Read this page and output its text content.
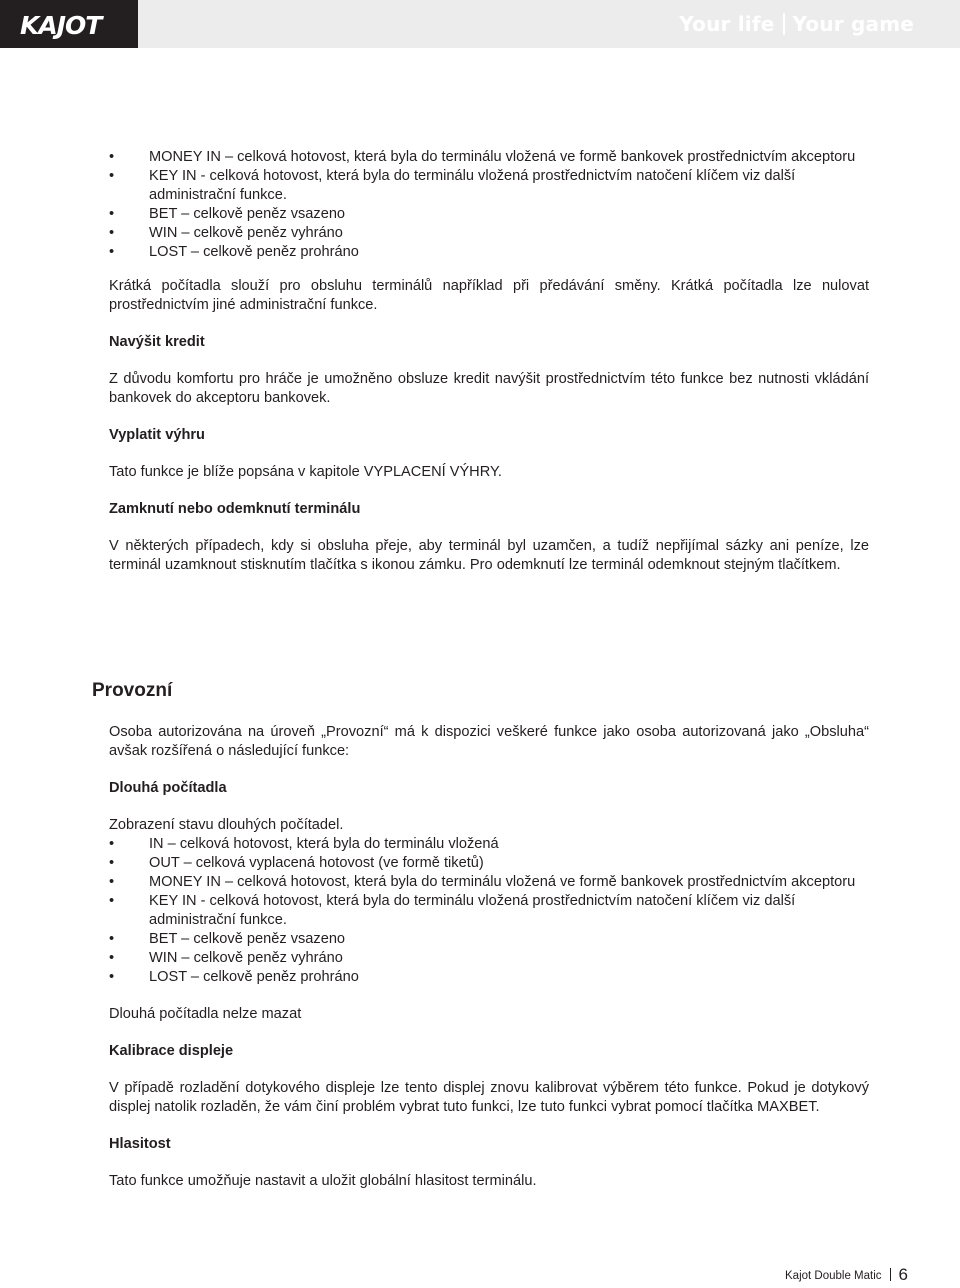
KAJOT	Your life Your game
• MONEY IN – celková hotovost, která byla do terminálu vložená ve formě bankovek prostřednictvím akceptoru
• KEY IN - celková hotovost, která byla do terminálu vložená prostřednictvím natočení klíčem viz další administrační funkce.
• BET – celkově peněz vsazeno
• WIN – celkově peněz vyhráno
• LOST – celkově peněz prohráno

Krátká počítadla slouží pro obsluhu terminálů například při předávání směny. Krátká počítadla lze nulovat prostřednictvím jiné administrační funkce.

Navýšit kredit

Z důvodu komfortu pro hráče je umožněno obsluze kredit navýšit prostřednictvím této funkce bez nutnosti vkládání bankovek do akceptoru bankovek.

Vyplatit výhru

Tato funkce je blíže popsána v kapitole VYPLACENÍ VÝHRY.

Zamknutí nebo odemknutí terminálu

V některých případech, kdy si obsluha přeje, aby terminál byl uzamčen, a tudíž nepřijímal sázky ani peníze, lze terminál uzamknout stisknutím tlačítka s ikonou zámku. Pro odemknutí lze terminál odemknout stejným tlačítkem.

Provozní

Osoba autorizována na úroveň „Provozní“ má k dispozici veškeré funkce jako osoba autorizovaná jako „Obsluha“ avšak rozšířená o následující funkce:

Dlouhá počítadla

Zobrazení stavu dlouhých počítadel.

• IN – celková hotovost, která byla do terminálu vložená
• OUT – celková vyplacená hotovost (ve formě tiketů)
• MONEY IN – celková hotovost, která byla do terminálu vložená ve formě bankovek prostřednictvím akceptoru
• KEY IN - celková hotovost, která byla do terminálu vložená prostřednictvím natočení klíčem viz další administrační funkce.
• BET – celkově peněz vsazeno
• WIN – celkově peněz vyhráno
• LOST – celkově peněz prohráno

Dlouhá počítadla nelze mazat

Kalibrace displeje

V případě rozladění dotykového displeje lze tento displej znovu kalibrovat výběrem této funkce. Pokud je dotykový displej natolik rozladěn, že vám činí problém vybrat tuto funkci, lze tuto funkci vybrat pomocí tlačítka MAXBET.

Hlasitost

Tato funkce umožňuje nastavit a uložit globální hlasitost terminálu.

Kajot Double Matic 6
